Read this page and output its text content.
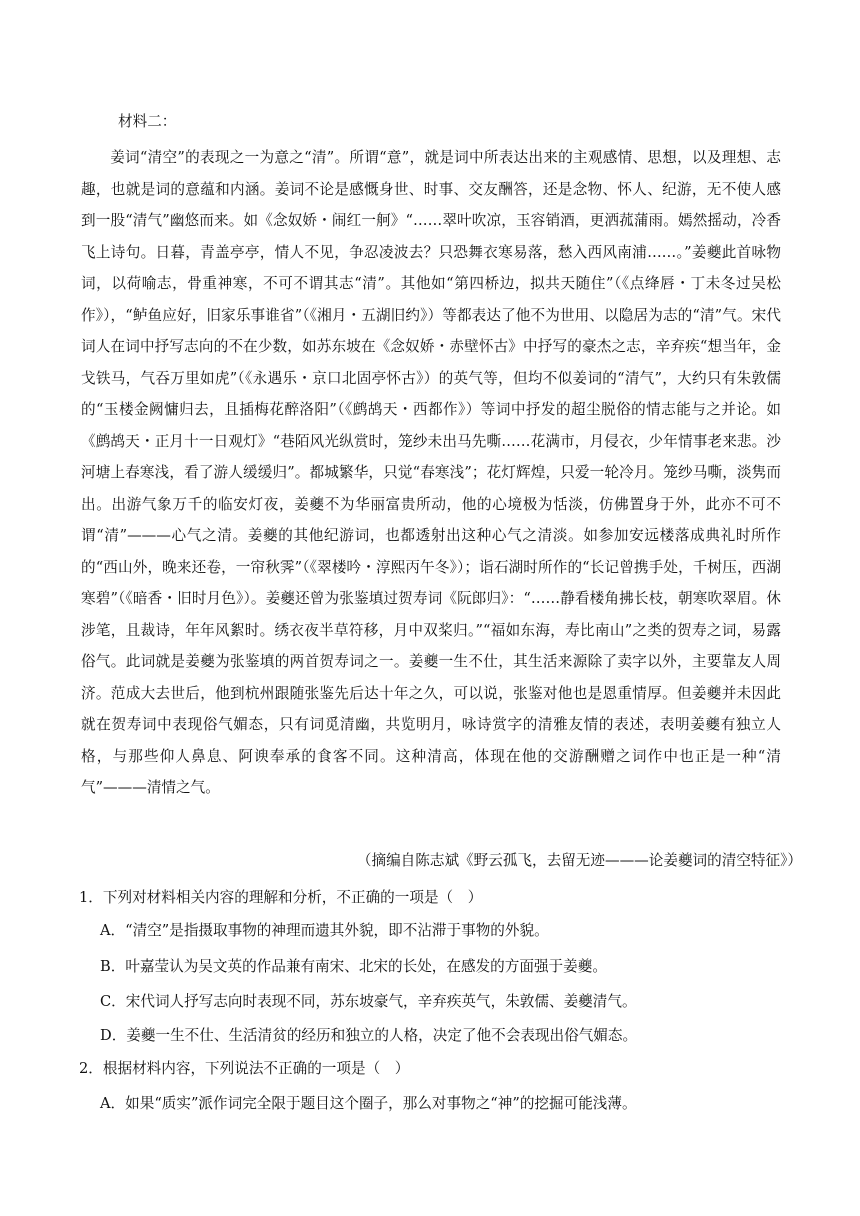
材料二：
姜词“清空”的表现之一为意之“清”。所谓“意”，就是词中所表达出来的主观感情、思想，以及理想、志趣，也就是词的意蕴和内涵。姜词不论是感慨身世、时事、交友酬答，还是念物、怀人、纪游，无不使人感到一股“清气”幽悠而来。如《念奴娇・闹红一舸》“……翠叶吹凉，玉容销酒，更洒菰蒲雨。嫣然摇动，冷香飞上诗句。日暮，青盖亭亭，情人不见，争忍凌波去？只恐舞衣寒易落，愁入西风南浦……。”姜夔此首咏物词，以荷喻志，骨重神寒，不可不谓其志“清”。其他如“第四桥边，拟共天随住”（《点绛唇・丁未冬过吴松作》），“鲈鱼应好，旧家乐事谁省”（《湘月・五湖旧约》）等都表达了他不为世用、以隐居为志的“清”气。宋代词人在词中抒写志向的不在少数，如苏东坡在《念奴娇・赤壁怀古》中抒写的豪杰之志，辛弃疾“想当年，金戈铁马，气吞万里如虎”（《永遇乐・京口北固亭怀古》）的英气等，但均不似姜词的“清气”，大约只有朱敦儒的“玉楼金阙慵归去，且插梅花醉洛阳”（《鹧鸪天・西都作》）等词中抒发的超尘脱俗的情志能与之并论。如《鹧鸪天・正月十一日观灯》“巷陌风光纵赏时，笼纱未出马先嘶……花满市，月侵衣，少年情事老来悲。沙河塘上春寒浅，看了游人缓缓归”。都城繁华，只觉“春寒浅”；花灯辉煌，只爱一轮冷月。笼纱马嘶，淡隽而出。出游气象万千的临安灯夜，姜夔不为华丽富贵所动，他的心境极为恬淡，仿佛置身于外，此亦不可不谓“清”———心气之清。姜夔的其他纪游词，也都透射出这种心气之清淡。如参加安远楼落成典礼时所作的“西山外，晚来还卷，一帘秋霁”（《翠楼吟・淳熙丙午冬》）；诣石湖时所作的“长记曾携手处，千树压，西湖寒碧”（《暗香・旧时月色》）。姜夔还曾为张鉴填过贺寿词《阮郎归》：“……静看楼角拂长枝，朝寒吹翠眉。休涉笔，且裁诗，年年风絮时。绣衣夜半草符移，月中双桨归。”“福如东海，寿比南山”之类的贺寿之词，易露俗气。此词就是姜夔为张鉴填的两首贺寿词之一。姜夔一生不仕，其生活来源除了卖字以外，主要靠友人周济。范成大去世后，他到杭州跟随张鉴先后达十年之久，可以说，张鉴对他也是恩重情厚。但姜夔并未因此就在贺寿词中表现俗气媚态，只有词觅清幽，共览明月，咏诗赏字的清雅友情的表述，表明姜夔有独立人格，与那些仰人鼻息、阿谀奉承的食客不同。这种清高，体现在他的交游酬赠之词作中也正是一种“清气”———清情之气。
（摘编自陈志斌《野云孤飞，去留无迹———论姜夔词的清空特征》）
1．下列对材料相关内容的理解和分析，不正确的一项是（　）
A．“清空”是指摄取事物的神理而遗其外貌，即不沾滞于事物的外貌。
B．叶嘉莹认为吴文英的作品兼有南宋、北宋的长处，在感发的方面强于姜夔。
C．宋代词人抒写志向时表现不同，苏东坡豪气，辛弃疾英气，朱敦儒、姜夔清气。
D．姜夔一生不仕、生活清贫的经历和独立的人格，决定了他不会表现出俗气媚态。
2．根据材料内容，下列说法不正确的一项是（　）
A．如果“质实”派作词完全限于题目这个圈子，那么对事物之“神”的挖掘可能浅薄。
